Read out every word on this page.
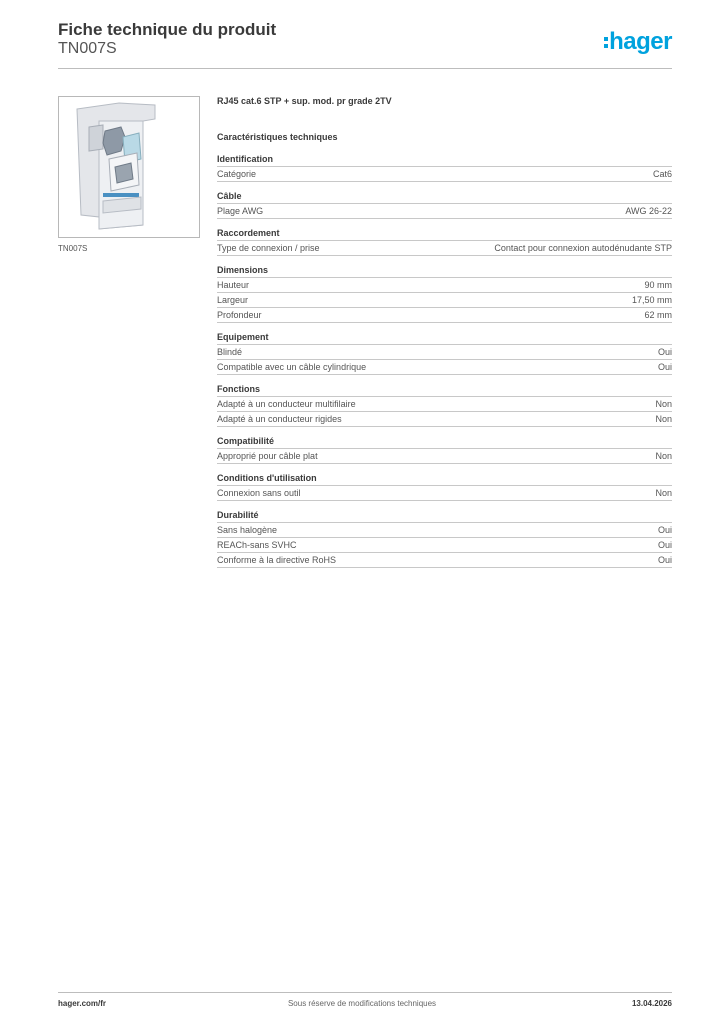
Fiche technique du produit
TN007S	hager
TN007S
RJ45 cat.6 STP + sup. mod. pr grade 2TV
Caractéristiques techniques
Identification
Catégorie	Cat6
Câble
Plage AWG	AWG 26-22
Raccordement
Type de connexion / prise	Contact pour connexion autodénudante STP
Dimensions
Hauteur	90 mm
Largeur	17,50 mm
Profondeur	62 mm
Equipement
Blindé	Oui
Compatible avec un câble cylindrique	Oui
Fonctions
Adapté à un conducteur multifilaire	Non
Adapté à un conducteur rigides	Non
Compatibilité
Approprié pour câble plat	Non
Conditions d'utilisation
Connexion sans outil	Non
Durabilité
Sans halogène	Oui
REACh-sans SVHC	Oui
Conforme à la directive RoHS	Oui
hager.com/fr	Sous réserve de modifications techniques	13.04.2026
